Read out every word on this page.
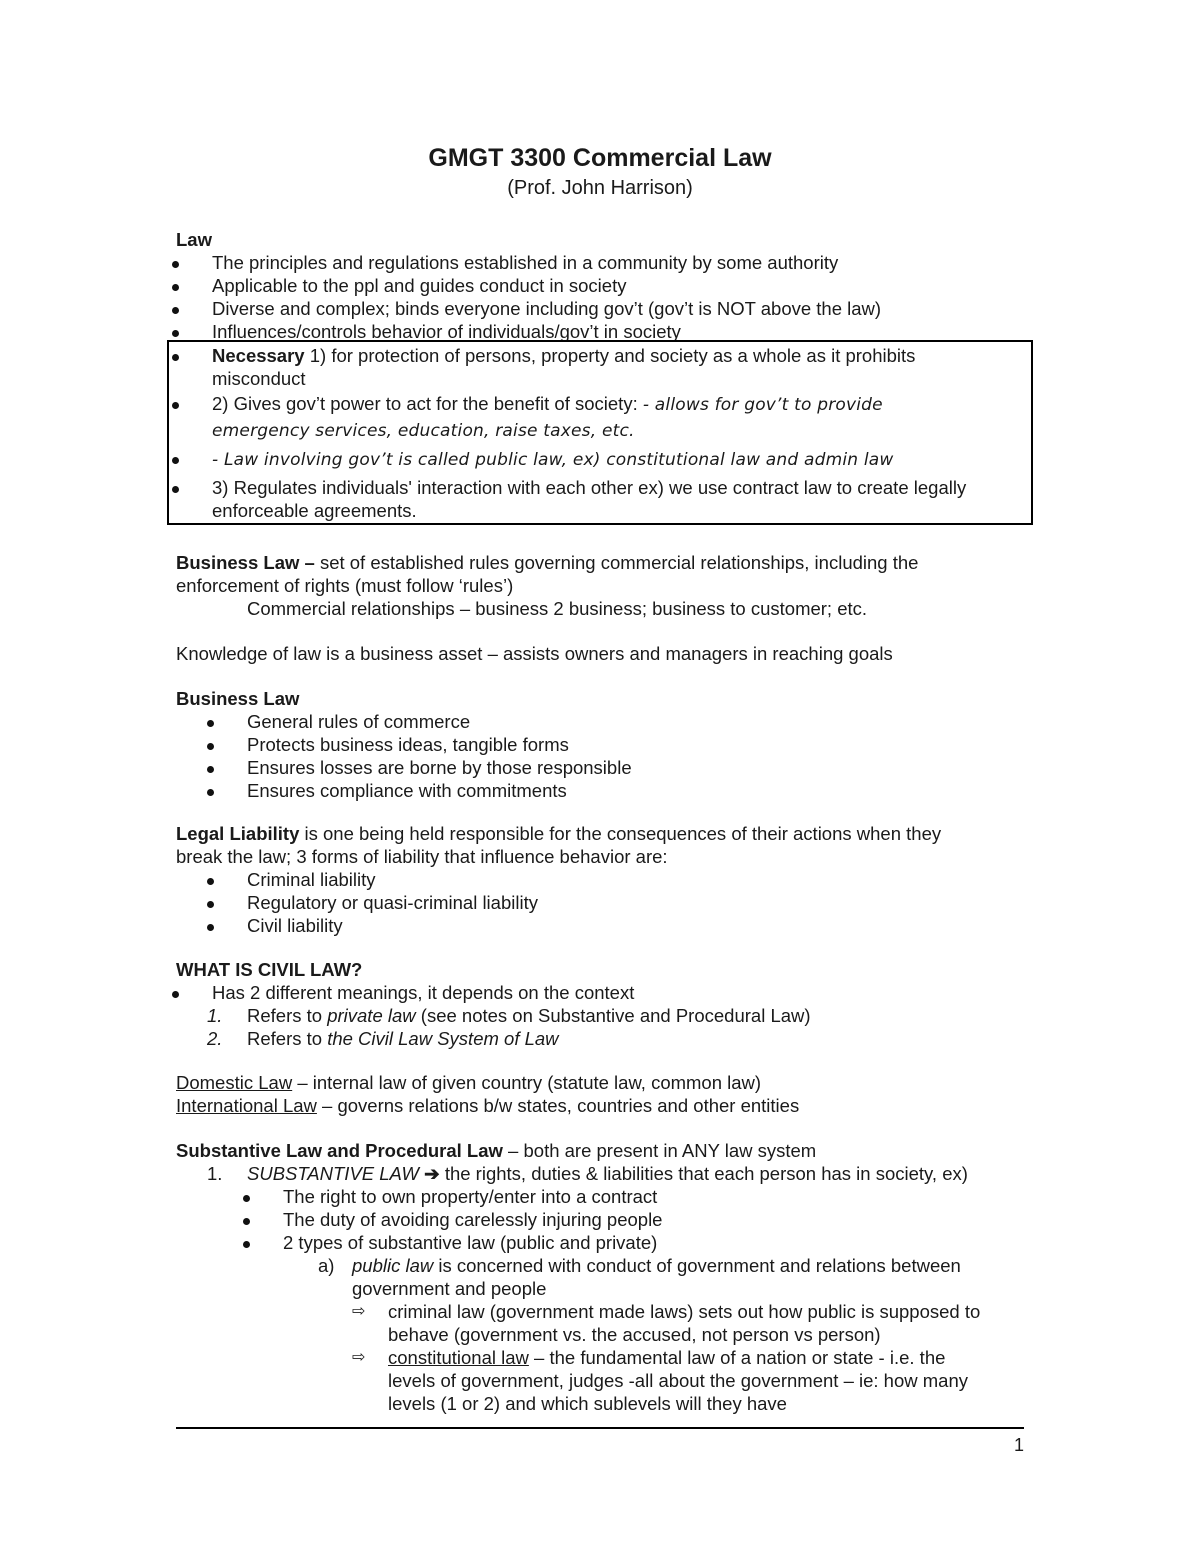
GMGT 3300 Commercial Law
(Prof. John Harrison)
Law
The principles and regulations established in a community by some authority
Applicable to the ppl and guides conduct in society
Diverse and complex; binds everyone including gov’t (gov’t is NOT above the law)
Influences/controls behavior of individuals/gov’t in society
Necessary 1) for protection of persons, property and society as a whole as it prohibits
misconduct
2) Gives gov’t power to act for the benefit of society: - allows for gov’t to provide
emergency services, education, raise taxes, etc.
- Law involving gov’t is called public law, ex) constitutional law and admin law
3) Regulates individuals' interaction with each other ex) we use contract law to create legally
enforceable agreements.
Business Law – set of established rules governing commercial relationships, including the
enforcement of rights (must follow ‘rules’)
Commercial relationships – business 2 business; business to customer; etc.
Knowledge of law is a business asset – assists owners and managers in reaching goals
Business Law
General rules of commerce
Protects business ideas, tangible forms
Ensures losses are borne by those responsible
Ensures compliance with commitments
Legal Liability is one being held responsible for the consequences of their actions when they
break the law; 3 forms of liability that influence behavior are:
Criminal liability
Regulatory or quasi-criminal liability
Civil liability
WHAT IS CIVIL LAW?
Has 2 different meanings, it depends on the context
1. Refers to private law (see notes on Substantive and Procedural Law)
2. Refers to the Civil Law System of Law
Domestic Law – internal law of given country (statute law, common law)
International Law – governs relations b/w states, countries and other entities
Substantive Law and Procedural Law – both are present in ANY law system
1. SUBSTANTIVE LAW ➔ the rights, duties & liabilities that each person has in society, ex)
The right to own property/enter into a contract
The duty of avoiding carelessly injuring people
2 types of substantive law (public and private)
a) public law is concerned with conduct of government and relations between
government and people
⇨ criminal law (government made laws) sets out how public is supposed to
behave (government vs. the accused, not person vs person)
⇨ constitutional law – the fundamental law of a nation or state - i.e. the
levels of government, judges -all about the government – ie: how many
levels (1 or 2) and which sublevels will they have
1
